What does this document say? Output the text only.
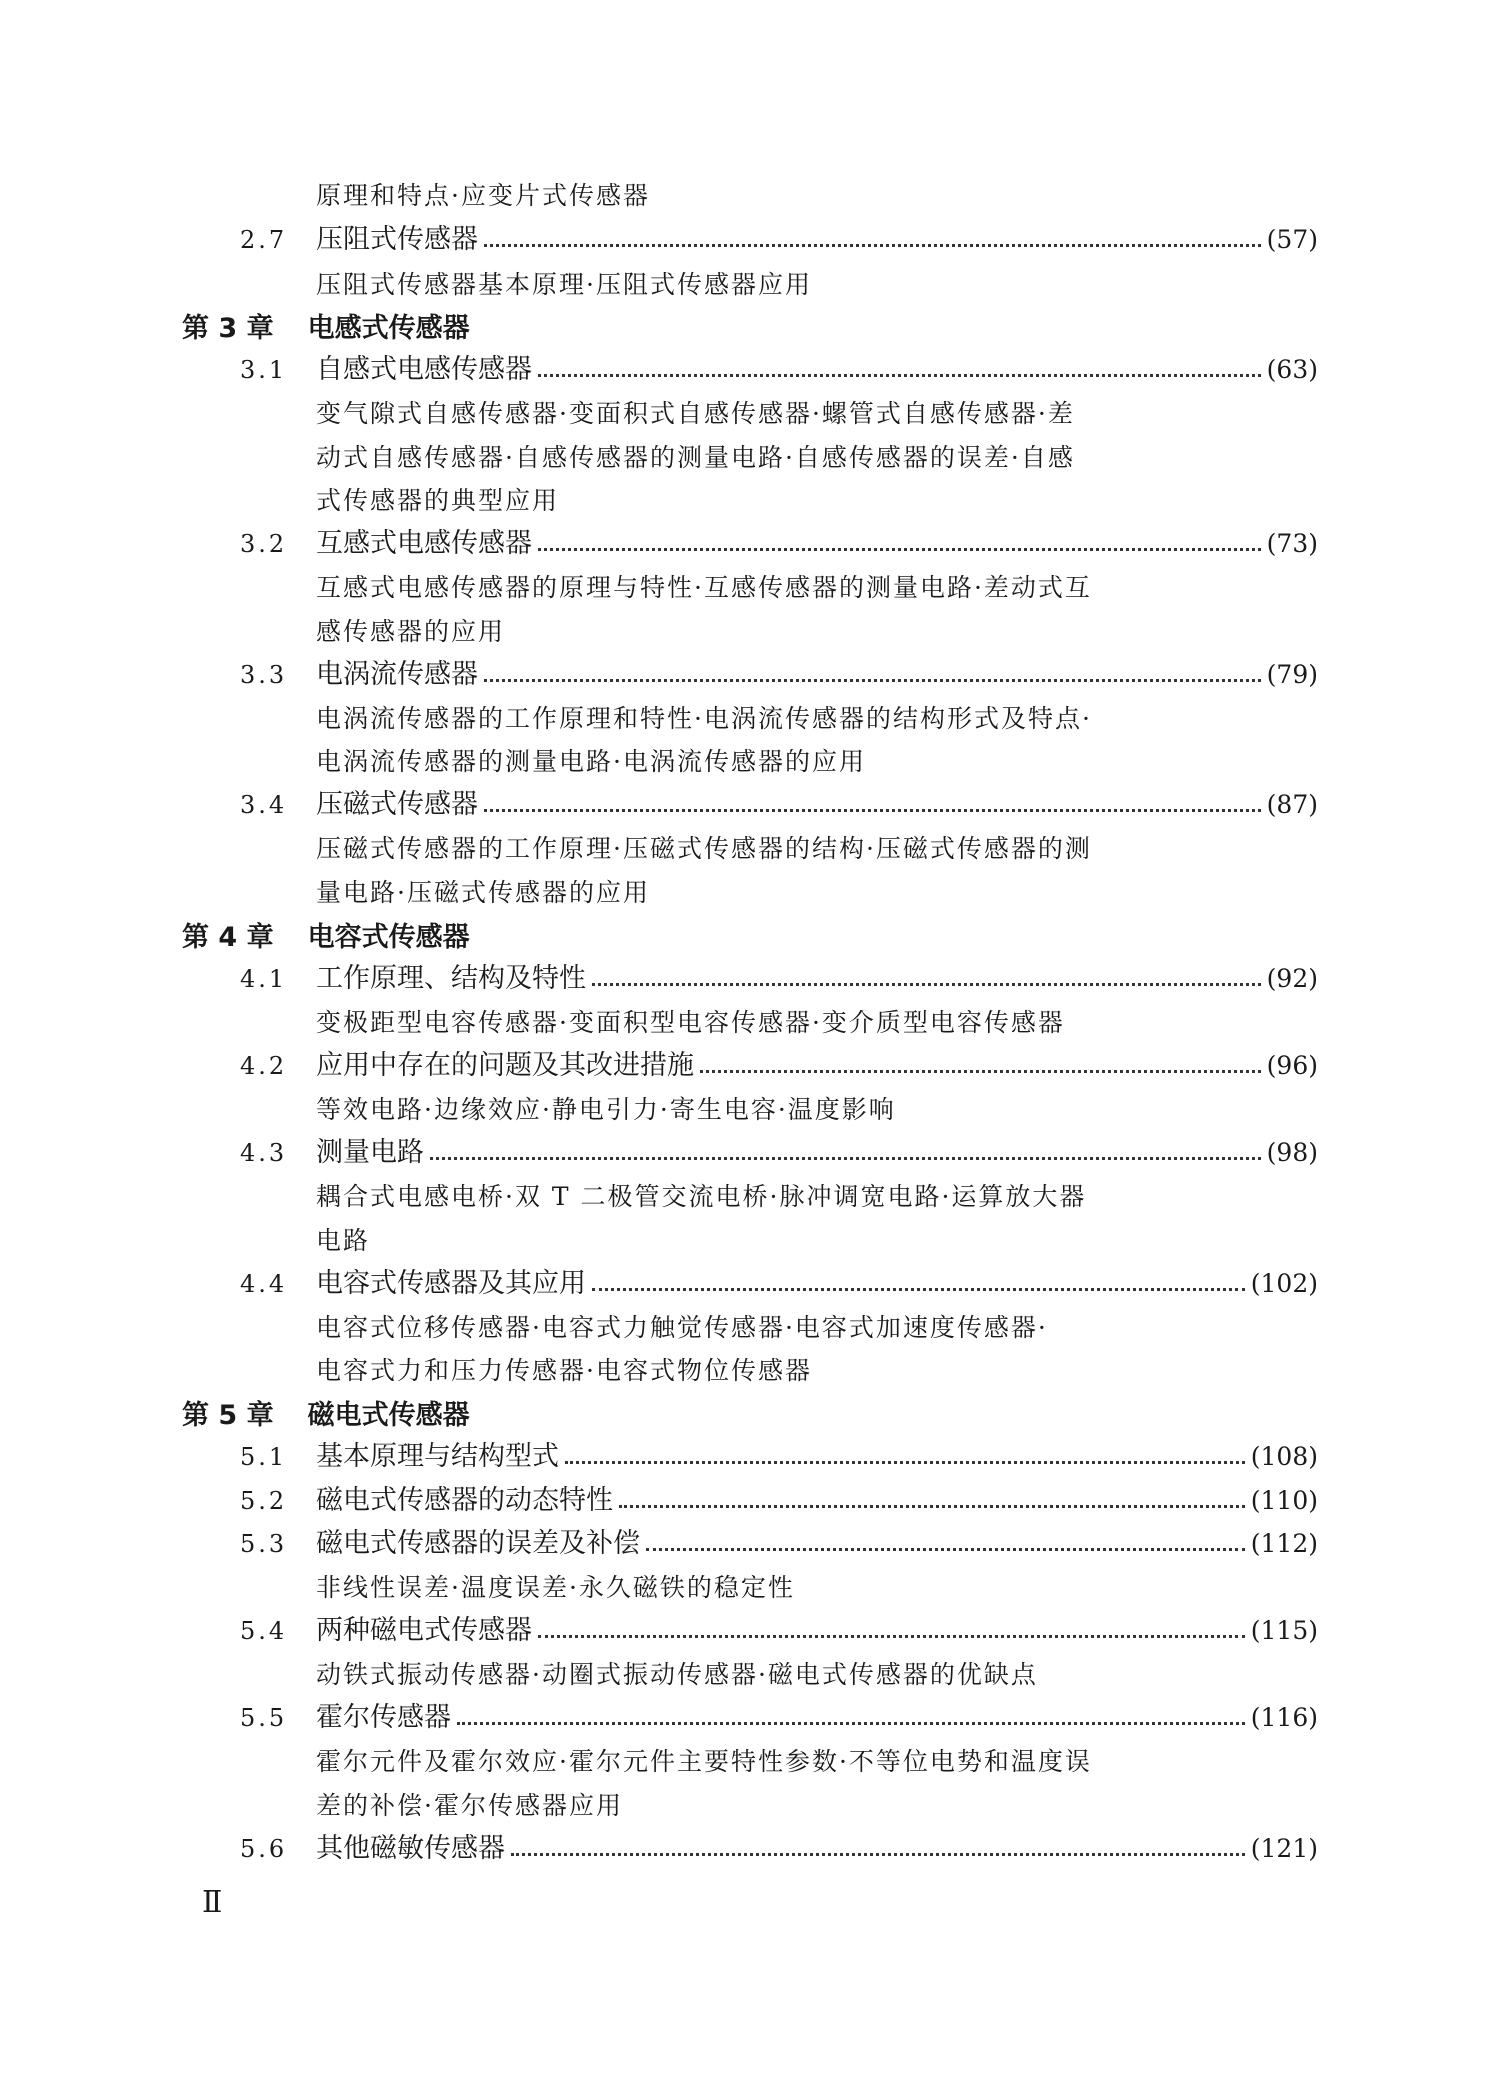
原理和特点·应变片式传感器
2.7	压阻式传感器	(57)
压阻式传感器基本原理·压阻式传感器应用
第 3 章 电感式传感器
3.1	自感式电感传感器	(63)
变气隙式自感传感器·变面积式自感传感器·螺管式自感传感器·差
动式自感传感器·自感传感器的测量电路·自感传感器的误差·自感
式传感器的典型应用
3.2	互感式电感传感器	(73)
互感式电感传感器的原理与特性·互感传感器的测量电路·差动式互
感传感器的应用
3.3	电涡流传感器	(79)
电涡流传感器的工作原理和特性·电涡流传感器的结构形式及特点·
电涡流传感器的测量电路·电涡流传感器的应用
3.4	压磁式传感器	(87)
压磁式传感器的工作原理·压磁式传感器的结构·压磁式传感器的测
量电路·压磁式传感器的应用
第 4 章 电容式传感器
4.1	工作原理、结构及特性	(92)
变极距型电容传感器·变面积型电容传感器·变介质型电容传感器
4.2	应用中存在的问题及其改进措施	(96)
等效电路·边缘效应·静电引力·寄生电容·温度影响
4.3	测量电路	(98)
耦合式电感电桥·双 T 二极管交流电桥·脉冲调宽电路·运算放大器
电路
4.4	电容式传感器及其应用	(102)
电容式位移传感器·电容式力触觉传感器·电容式加速度传感器·
电容式力和压力传感器·电容式物位传感器
第 5 章 磁电式传感器
5.1	基本原理与结构型式	(108)
5.2	磁电式传感器的动态特性	(110)
5.3	磁电式传感器的误差及补偿	(112)
非线性误差·温度误差·永久磁铁的稳定性
5.4	两种磁电式传感器	(115)
动铁式振动传感器·动圈式振动传感器·磁电式传感器的优缺点
5.5	霍尔传感器	(116)
霍尔元件及霍尔效应·霍尔元件主要特性参数·不等位电势和温度误
差的补偿·霍尔传感器应用
5.6	其他磁敏传感器	(121)
Ⅱ
